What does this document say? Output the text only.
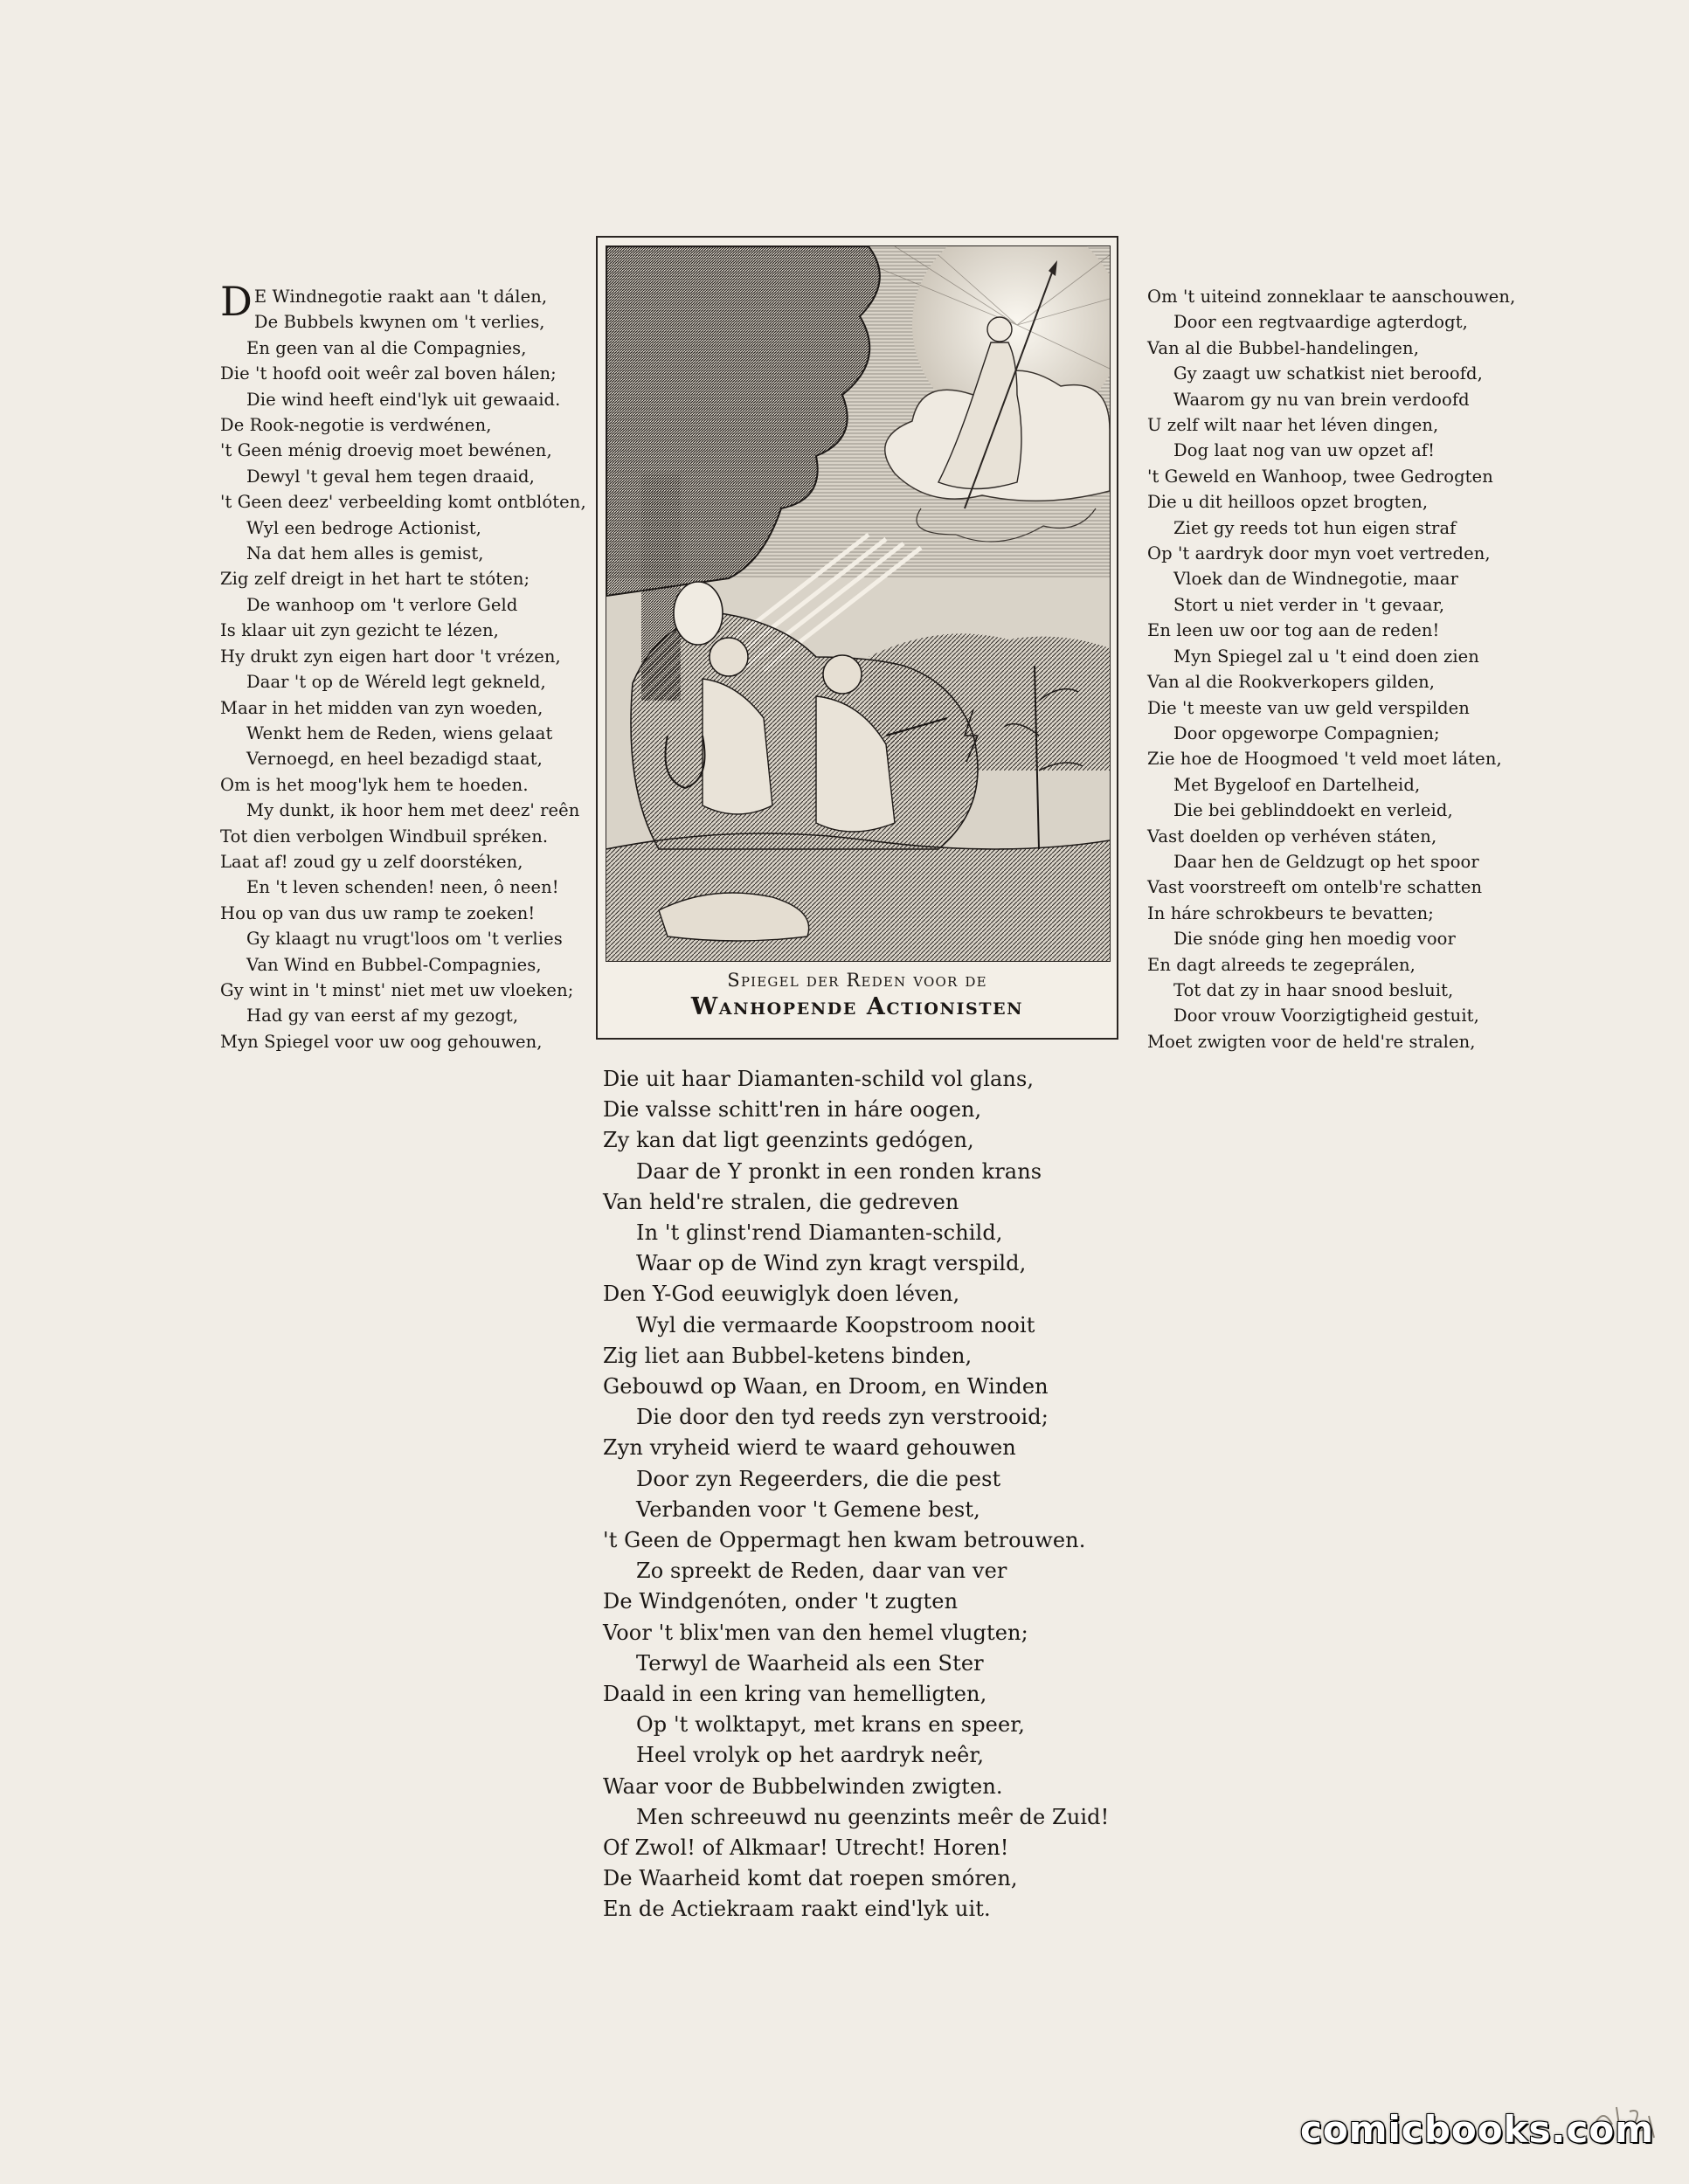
D E Windnegotie raakt aan 't dálen,
De Bubbels kwynen om 't verlies,
En geen van al die Compagnies,
Die 't hoofd ooit weêr zal boven hálen;
Die wind heeft eind'lyk uit gewaaid.
De Rook-negotie is verdwénen,
't Geen ménig droevig moet bewénen,
Dewyl 't geval hem tegen draaid,
't Geen deez' verbeelding komt ontblóten,
Wyl een bedroge Actionist,
Na dat hem alles is gemist,
Zig zelf dreigt in het hart te stóten;
De wanhoop om 't verlore Geld
Is klaar uit zyn gezicht te lézen,
Hy drukt zyn eigen hart door 't vrézen,
Daar 't op de Wéreld legt gekneld,
Maar in het midden van zyn woeden,
Wenkt hem de Reden, wiens gelaat
Vernoegd, en heel bezadigd staat,
Om is het moog'lyk hem te hoeden.
My dunkt, ik hoor hem met deez' reên
Tot dien verbolgen Windbuil spréken.
Laat af! zoud gy u zelf doorstéken,
En 't leven schenden! neen, ô neen!
Hou op van dus uw ramp te zoeken!
Gy klaagt nu vrugt'loos om 't verlies
Van Wind en Bubbel-Compagnies,
Gy wint in 't minst' niet met uw vloeken;
Had gy van eerst af my gezogt,
Myn Spiegel voor uw oog gehouwen,
Spiegel der Reden voor de
Wanhopende Actionisten
Om 't uiteind zonneklaar te aanschouwen,
Door een regtvaardige agterdogt,
Van al die Bubbel-handelingen,
Gy zaagt uw schatkist niet beroofd,
Waarom gy nu van brein verdoofd
U zelf wilt naar het léven dingen,
Dog laat nog van uw opzet af!
't Geweld en Wanhoop, twee Gedrogten
Die u dit heilloos opzet brogten,
Ziet gy reeds tot hun eigen straf
Op 't aardryk door myn voet vertreden,
Vloek dan de Windnegotie, maar
Stort u niet verder in 't gevaar,
En leen uw oor tog aan de reden!
Myn Spiegel zal u 't eind doen zien
Van al die Rookverkopers gilden,
Die 't meeste van uw geld verspilden
Door opgeworpe Compagnien;
Zie hoe de Hoogmoed 't veld moet láten,
Met Bygeloof en Dartelheid,
Die bei geblinddoekt en verleid,
Vast doelden op verhéven státen,
Daar hen de Geldzugt op het spoor
Vast voorstreeft om ontelb're schatten
In háre schrokbeurs te bevatten;
Die snóde ging hen moedig voor
En dagt alreeds te zegeprálen,
Tot dat zy in haar snood besluit,
Door vrouw Voorzigtigheid gestuit,
Moet zwigten voor de held're stralen,
Die uit haar Diamanten-schild vol glans,
Die valsse schitt'ren in háre oogen,
Zy kan dat ligt geenzints gedógen,
Daar de Y pronkt in een ronden krans
Van held're stralen, die gedreven
In 't glinst'rend Diamanten-schild,
Waar op de Wind zyn kragt verspild,
Den Y-God eeuwiglyk doen léven,
Wyl die vermaarde Koopstroom nooit
Zig liet aan Bubbel-ketens binden,
Gebouwd op Waan, en Droom, en Winden
Die door den tyd reeds zyn verstrooid;
Zyn vryheid wierd te waard gehouwen
Door zyn Regeerders, die die pest
Verbanden voor 't Gemene best,
't Geen de Oppermagt hen kwam betrouwen.
Zo spreekt de Reden, daar van ver
De Windgenóten, onder 't zugten
Voor 't blix'men van den hemel vlugten;
Terwyl de Waarheid als een Ster
Daald in een kring van hemelligten,
Op 't wolktapyt, met krans en speer,
Heel vrolyk op het aardryk neêr,
Waar voor de Bubbelwinden zwigten.
Men schreeuwd nu geenzints meêr de Zuid!
Of Zwol! of Alkmaar! Utrecht! Horen!
De Waarheid komt dat roepen smóren,
En de Actiekraam raakt eind'lyk uit.
comicbooks.com
